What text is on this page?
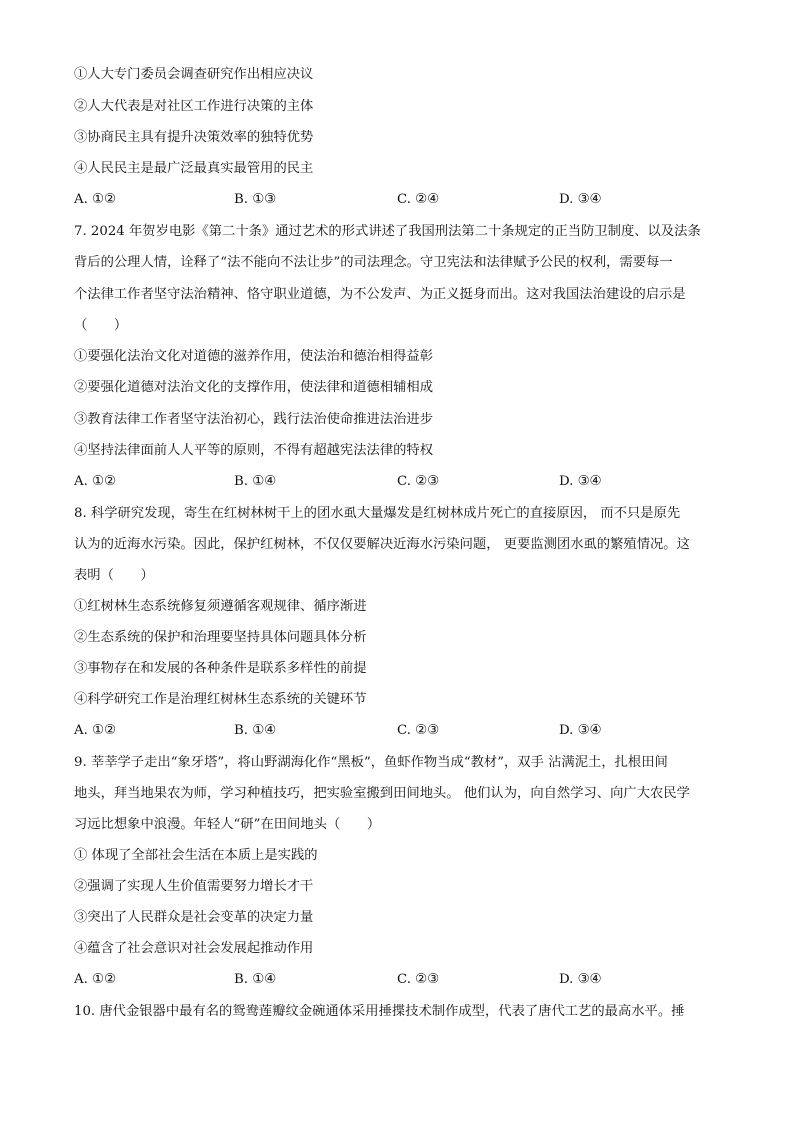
①人大专门委员会调查研究作出相应决议
②人大代表是对社区工作进行决策的主体
③协商民主具有提升决策效率的独特优势
④人民民主是最广泛最真实最管用的民主
A. ①②	B. ①③	C. ②④	D. ③④
7. 2024 年贺岁电影《第二十条》通过艺术的形式讲述了我国刑法第二十条规定的正当防卫制度、以及法条
背后的公理人情，诠释了“法不能向不法让步”的司法理念。守卫宪法和法律赋予公民的权利，需要每一
个法律工作者坚守法治精神、恪守职业道德，为不公发声、为正义挺身而出。这对我国法治建设的启示是
（　　）
①要强化法治文化对道德的滋养作用，使法治和德治相得益彰
②要强化道德对法治文化的支撑作用，使法律和道德相辅相成
③教育法律工作者坚守法治初心，践行法治使命推进法治进步
④坚持法律面前人人平等的原则，不得有超越宪法法律的特权
A. ①②	B. ①④	C. ②③	D. ③④
8. 科学研究发现，寄生在红树林树干上的团水虱大量爆发是红树林成片死亡的直接原因， 而不只是原先
认为的近海水污染。因此，保护红树林，不仅仅要解决近海水污染问题， 更要监测团水虱的繁殖情况。这
表明（　　）
①红树林生态系统修复须遵循客观规律、循序渐进
②生态系统的保护和治理要坚持具体问题具体分析
③事物存在和发展的各种条件是联系多样性的前提
④科学研究工作是治理红树林生态系统的关键环节
A. ①②	B. ①④	C. ②③	D. ③④
9. 莘莘学子走出“象牙塔”，将山野湖海化作“黑板”，鱼虾作物当成“教材”，双手 沾满泥土，扎根田间
地头，拜当地果农为师，学习种植技巧，把实验室搬到田间地头。 他们认为，向自然学习、向广大农民学
习远比想象中浪漫。年轻人“研”在田间地头（　　）
① 体现了全部社会生活在本质上是实践的
②强调了实现人生价值需要努力增长才干
③突出了人民群众是社会变革的决定力量
④蕴含了社会意识对社会发展起推动作用
A. ①②	B. ①④	C. ②③	D. ③④
10. 唐代金银器中最有名的鸳鸯莲瓣纹金碗通体采用捶揲技术制作成型，代表了唐代工艺的最高水平。捶
